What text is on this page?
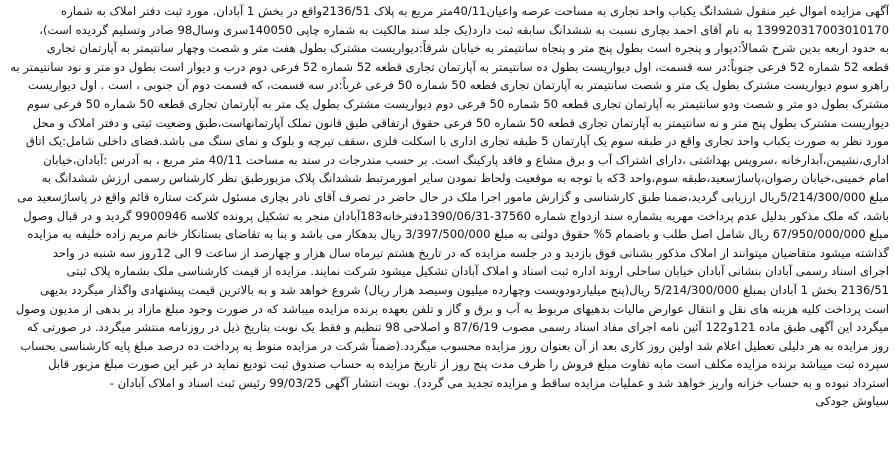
آگهی مزایده اموال غیر منقول ششدانگ یکباب واحد تجاری به مساحت عرصه واعیان40/11متر مربع به پلاک 2136/51واقع در بخش 1 آبادان. مورد ثبت دفتر املاک به شماره
139920317003010170 به نام آقای احمد بچاری نسبت به ششدانگ سابقه ثبت دارد(یک جلد سند مالکیت به شماره چاپی 140050سری وسال98 صادر وتسلیم گردیده است)،
به حدود اربعه بدین شرح شمالاً:دیوار و پنجره است بطول پنج متر و پنجاه سانتیمتر به خیابان شرقاً:دیواریست مشترک بطول هفت متر و شصت وچهار سانتیمتر به آپارتمان تجاری
قطعه 52 شماره 52 فرعی جنوباً:در سه قسمت، اول دیواریست بطول ده سانتیمتر به آپارتمان تجاری قطعه 52 شماره 52 فرعی دوم درب و دیوار است بطول دو متر و نود سانتیمتر به
راهرو سوم دیواریست مشترک بطول یک متر و شصت سانتیمتر به آپارتمان تجاری قطعه 50 شماره 50 فرعی غرباً:در سه قسمت، که قسمت دوم آن جنوبی ، است . اول دیواریست
مشترک بطول دو متر و شصت ودو سانتیمتر به آپارتمان تجاری قطعه 50 شماره 50 فرعی دوم دیواریست مشترک بطول یک متر به آپارتمان تجاری قطعه 50 شماره 50 فرعی سوم
دیواریست مشترک بطول پنج متر و نه سانتیمتر به آپارتمان تجاری قطعه 50 شماره 50 فرعی حقوق ارتفاقی طبق قانون تملک آپارتمانهاست،طبق وضعیت ثبتی و دفتر املاک و محل
مورد نظر به صورت یکباب واحد تجاری واقع در طبقه سوم یک آپارتمان 5 طبقه تجاری اداری با اسکلت فلزی ،سقف تیرچه و بلوک و نمای سنگ می باشد.فضای داخلی شامل:یک اتاق
اداری،نشیمن،آبدارخانه ،سرویس بهداشتی ،دارای اشتراک آب و برق مشاع و فاقد پارکینگ است. بر حسب مندرجات در سند به مساحت 40/11 متر مربع ، به آدرس :آبادان،خیابان
امام خمینی،خیابان رضوان،پاساژسعید،طبقه سوم،واحد 3که با توجه به موقعیت ولحاظ نمودن سایر امورمرتبط ششدانگ پلاک مزبورطبق نظر کارشناس رسمی ارزش ششدانگ به
مبلغ 5/214/300/000ریال ارزیابی گردید،ضمنا طبق کارشناسی و گزارش مامور اجرا ملک در حال حاضر در تصرف آقای نادر بچاری مسئول شرکت ستاره قائم واقع در پاساژسعید می
باشد، که ملک مذکور بدلیل عدم پرداخت مهریه بشماره سند ازدواج شماره 37560-1390/06/31دفترخانه183آبادان منجر به تشکیل پرونده کلاسه 9900946 گردید و در قبال وصول
مبلغ 67/950/000/000 ریال شامل اصل طلب و باضمام 5% حقوق دولتی به مبلغ 3/397/500/000 ریال بدهکار می باشد و بنا به تقاضای بستانکار خانم مریم زاده خلیفه به مزایده
گذاشته میشود متقاضیان میتوانند از املاک مذکور بشنانی فوق بازدید و در جلسه مزایده که در تاریخ هشتم تیرماه سال هزار و چهارصد از ساعت 9 الی 12روز سه شنبه در واحد
اجرای اسناد رسمی آبادان بنشانی آبادان خیابان ساحلی اروند اداره ثبت اسناد و املاک آبادان تشکیل میشود شرکت نمایند. مزایده از قیمت کارشناسی ملک بشماره پلاک ثبتی
2136/51 بخش 1 آبادان بمبلغ 5/214/300/000 ریال(پنج میلیاردودویست وچهارده میلیون وسیصد هزار ریال) شروع خواهد شد و به بالاترین قیمت پیشنهادی واگذار میگردد بدیهی
است پرداخت کلیه هزینه های نقل و انتقال عوارض مالیات بدهیهای مربوط به آب و برق و گاز و تلفن بعهده برنده مزایده میباشد که در صورت وجود مبلغ مازاد بر بدهی از مدیون وصول
میگردد این آگهی طبق ماده 121و122 آئین نامه اجرای مفاد اسناد رسمی مصوب 87/6/19 و اصلاحی 98 تنظیم و فقط یک نوبت بتاریخ ذیل در روزنامه منتشر میگردد. در صورتی که
روز مزایده به هر دلیلی تعطیل اعلام شد اولین روز کاری بعد از آن بعنوان روز مزایده محسوب میگردد.(ضمناً شرکت در مزایده منوط به پرداخت ده درصد مبلغ پایه کارشناسی بحساب
سپرده ثبت میباشد برنده مزایده مکلف است مابه تفاوت مبلغ فروش را ظرف مدت پنج روز از تاریخ مزایده به حساب صندوق ثبت تودیع نماید در غیر این صورت مبلغ مزبور قابل
استرداد نبوده و به حساب خزانه واریز خواهد شد و عملیات مزایده ساقط و مزایده تجدید می گردد). نوبت انتشار آگهی 99/03/25 رئیس ثبت اسناد و املاک آبادان -
سیاوش جودکی
